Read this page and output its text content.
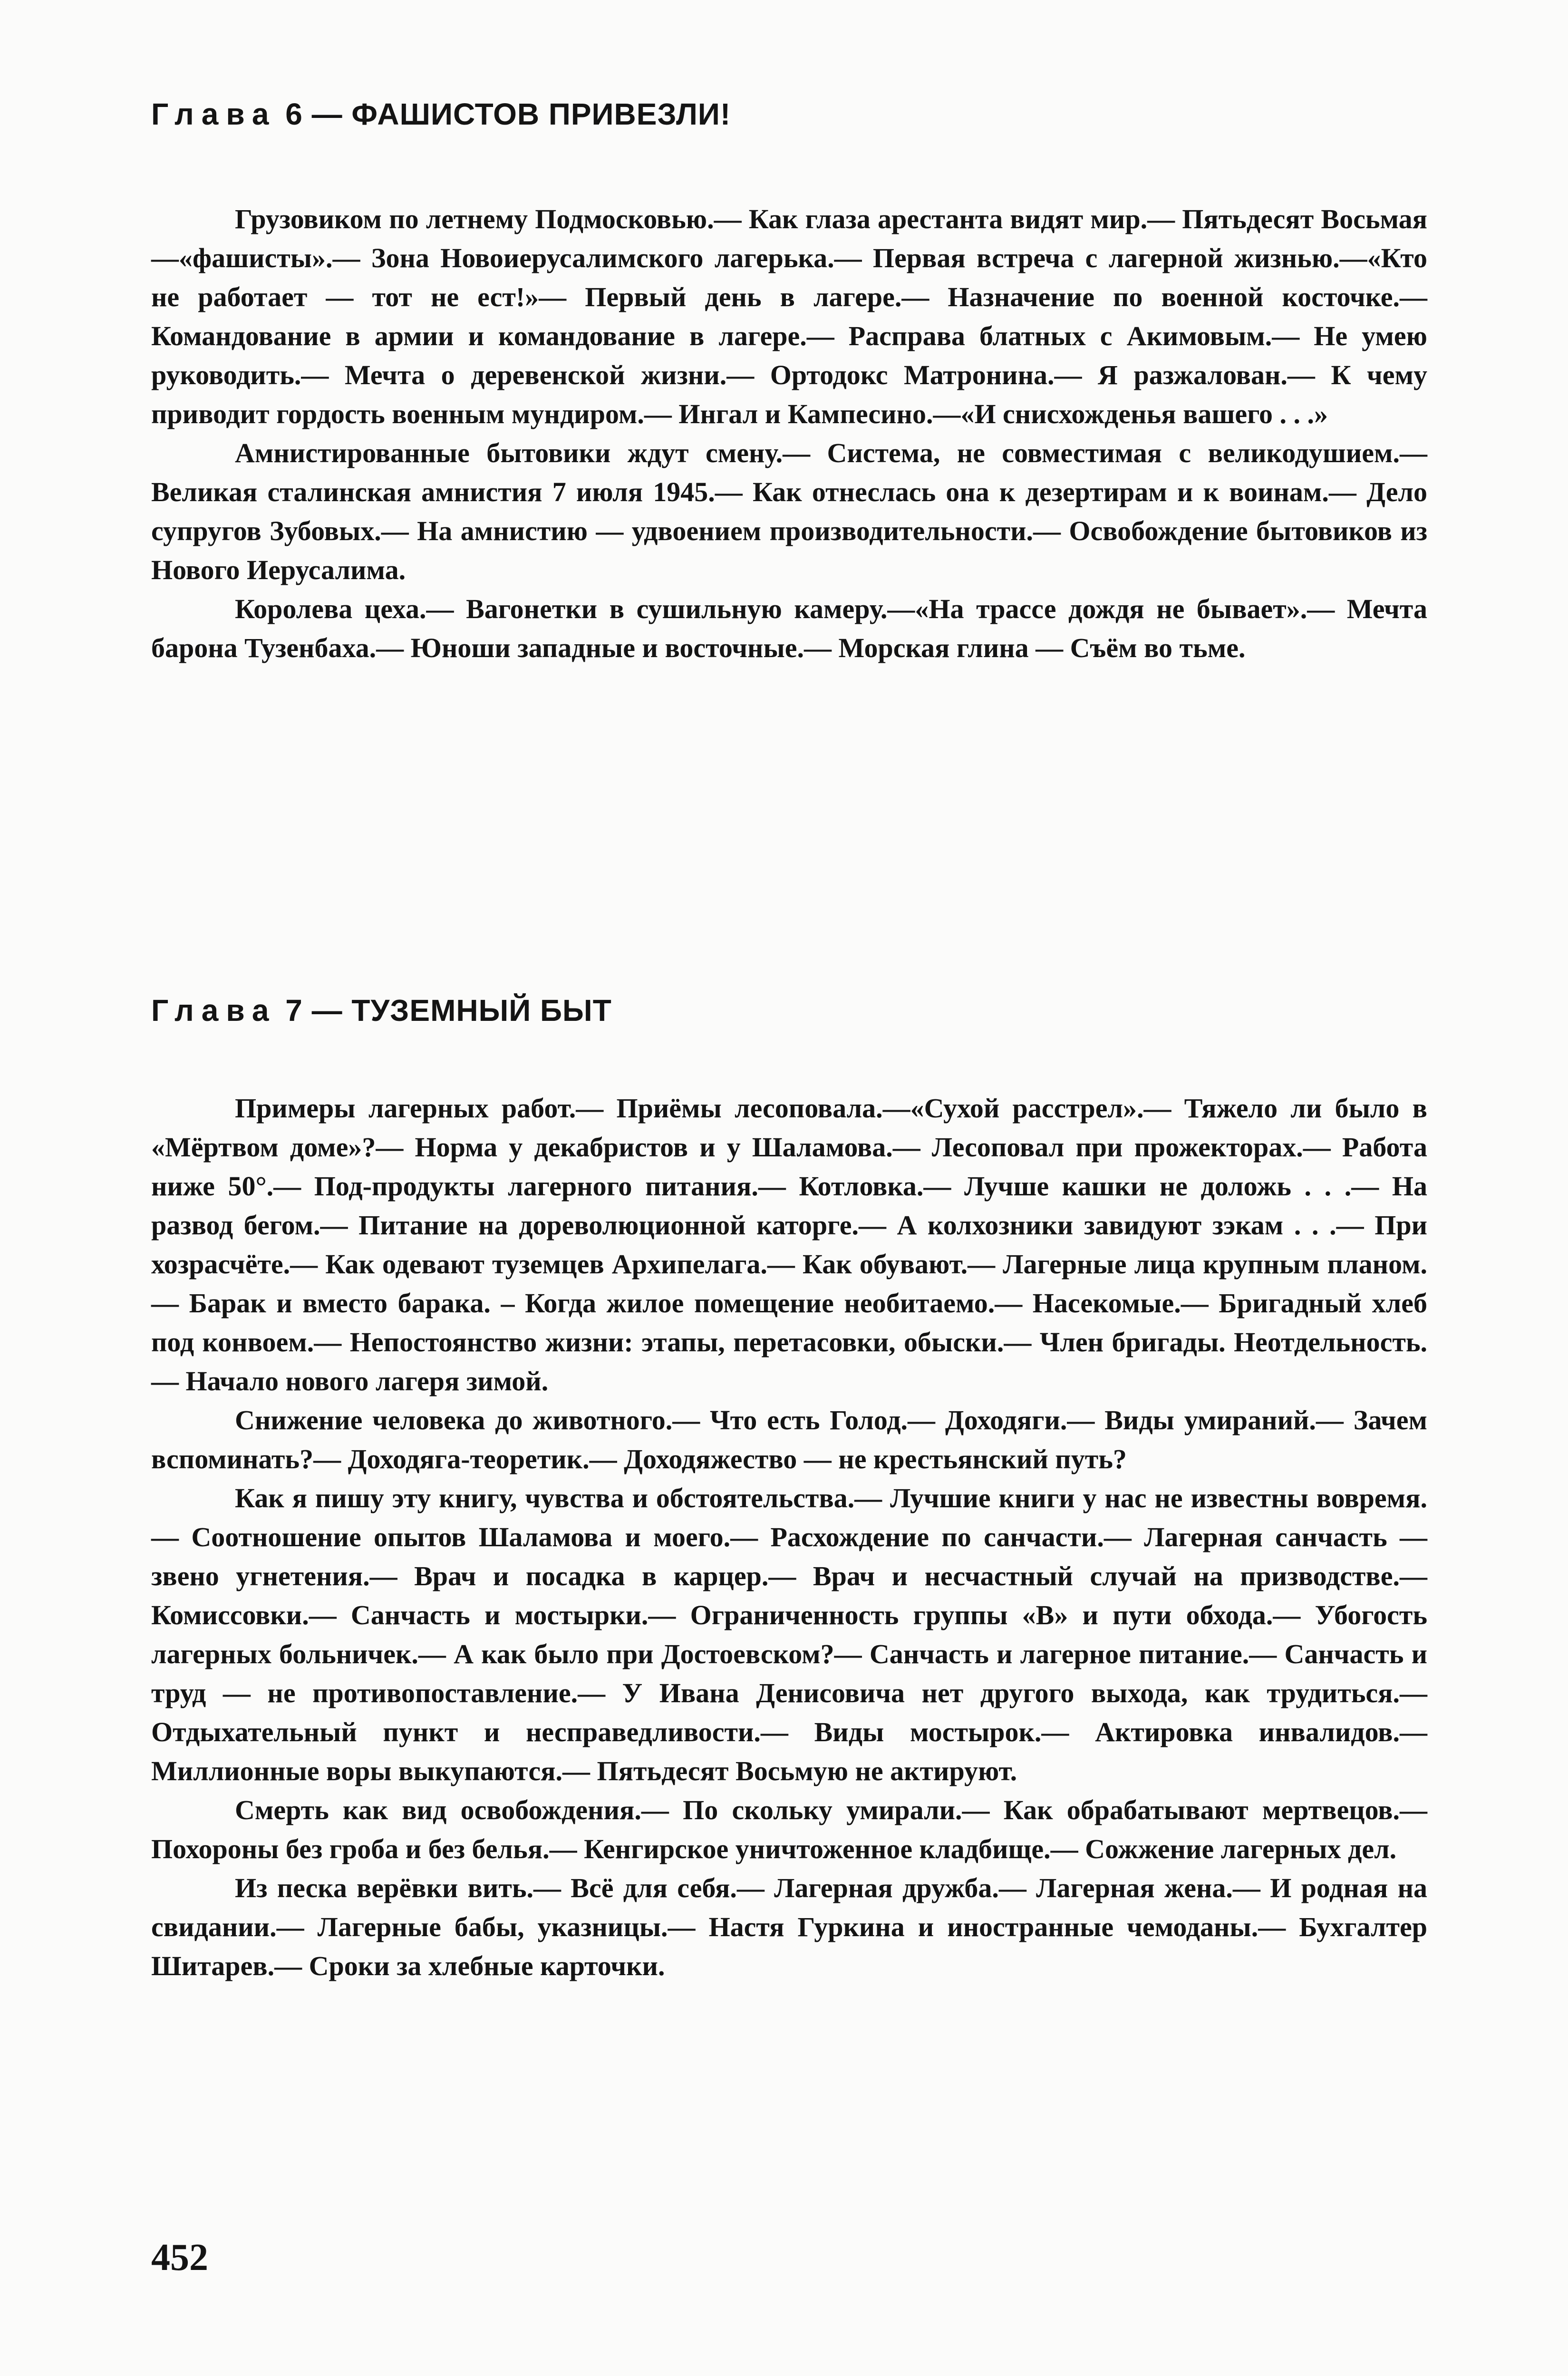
Глава 6 — ФАШИСТОВ ПРИВЕЗЛИ!

Грузовиком по летнему Подмосковью.— Как глаза арестанта видят мир.— Пятьдесят Восьмая —«фашисты».— Зона Новоиерусалимского лагерька.— Первая встреча с лагерной жизнью.—«Кто не работает — тот не ест!»— Первый день в лагере.— Назначение по военной косточке.— Командование в армии и командование в лагере.— Расправа блатных с Акимовым.— Не умею руководить.— Мечта о деревенской жизни.— Ортодокс Матронина.— Я разжалован.— К чему приводит гордость военным мундиром.— Ингал и Кампесино.—«И снисхожденья вашего . . .»

Амнистированные бытовики ждут смену.— Система, не совместимая с великодушием.— Великая сталинская амнистия 7 июля 1945.— Как отнеслась она к дезертирам и к воинам.— Дело супругов Зубовых.— На амнистию — удвоением производительности.— Освобождение бытовиков из Нового Иерусалима.

Королева цеха.— Вагонетки в сушильную камеру.—«На трассе дождя не бывает».— Мечта барона Тузенбаха.— Юноши западные и восточные.— Морская глина — Съём во тьме.

Глава 7 — ТУЗЕМНЫЙ БЫТ

Примеры лагерных работ.— Приёмы лесоповала.—«Сухой расстрел».— Тяжело ли было в «Мёртвом доме»?— Норма у декабристов и у Шаламова.— Лесоповал при прожекторах.— Работа ниже 50°.— Под-продукты лагерного питания.— Котловка.— Лучше кашки не доложь . . .— На развод бегом.— Питание на дореволюционной каторге.— А колхозники завидуют зэкам . . .— При хозрасчёте.— Как одевают туземцев Архипелага.— Как обувают.— Лагерные лица крупным планом.— Барак и вместо барака. – Когда жилое помещение необитаемо.— Насекомые.— Бригадный хлеб под конвоем.— Непостоянство жизни: этапы, перетасовки, обыски.— Член бригады. Неотдельность.— Начало нового лагеря зимой.

Снижение человека до животного.— Что есть Голод.— Доходяги.— Виды умираний.— Зачем вспоминать?— Доходяга-теоретик.— Доходяжество — не крестьянский путь?

Как я пишу эту книгу, чувства и обстоятельства.— Лучшие книги у нас не известны вовремя.— Соотношение опытов Шаламова и моего.— Расхождение по санчасти.— Лагерная санчасть — звено угнетения.— Врач и посадка в карцер.— Врач и несчастный случай на призводстве.— Комиссовки.— Санчасть и мостырки.— Ограниченность группы «В» и пути обхода.— Убогость лагерных больничек.— А как было при Достоевском?— Санчасть и лагерное питание.— Санчасть и труд — не противопоставление.— У Ивана Денисовича нет другого выхода, как трудиться.— Отдыхательный пункт и несправедливости.— Виды мостырок.— Актировка инвалидов.— Миллионные воры выкупаются.— Пятьдесят Восьмую не актируют.

Смерть как вид освобождения.— По скольку умирали.— Как обрабатывают мертвецов.— Похороны без гроба и без белья.— Кенгирское уничтоженное кладбище.— Сожжение лагерных дел.

Из песка верёвки вить.— Всё для себя.— Лагерная дружба.— Лагерная жена.— И родная на свидании.— Лагерные бабы, указницы.— Настя Гуркина и иностранные чемоданы.— Бухгалтер Шитарев.— Сроки за хлебные карточки.

452
